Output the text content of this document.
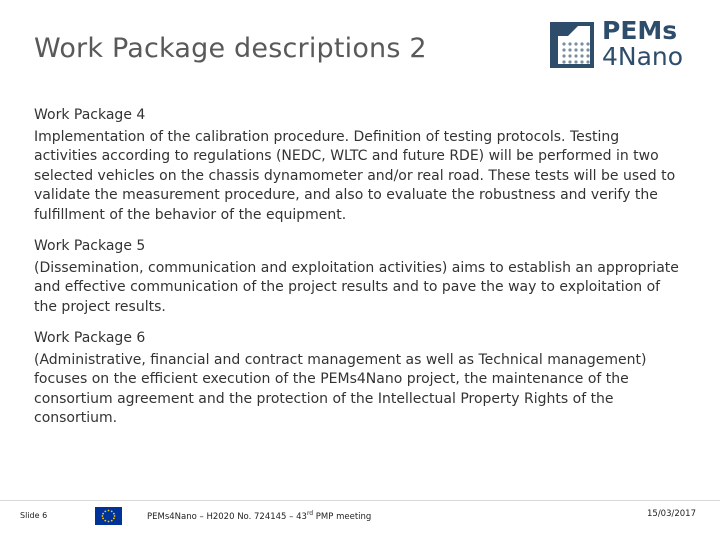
Work Package descriptions 2
PEMs
4Nano
Work Package 4
Implementation of the calibration procedure. Definition of testing protocols. Testing activities according to regulations (NEDC, WLTC and future RDE) will be performed in two selected vehicles on the chassis dynamometer and/or real road. These tests will be used to validate the measurement procedure, and also to evaluate the robustness and verify the fulfillment of the behavior of the equipment.
Work Package 5
(Dissemination, communication and exploitation activities) aims to establish an appropriate and effective communication of the project results and to pave the way to exploitation of the project results.
Work Package 6
(Administrative, financial and contract management as well as Technical management) focuses on the efficient execution of the PEMs4Nano project, the maintenance of the consortium agreement and the protection of the Intellectual Property Rights of the consortium.
Slide 6	PEMs4Nano – H2020 No. 724145 – 43rd PMP meeting	15/03/2017
